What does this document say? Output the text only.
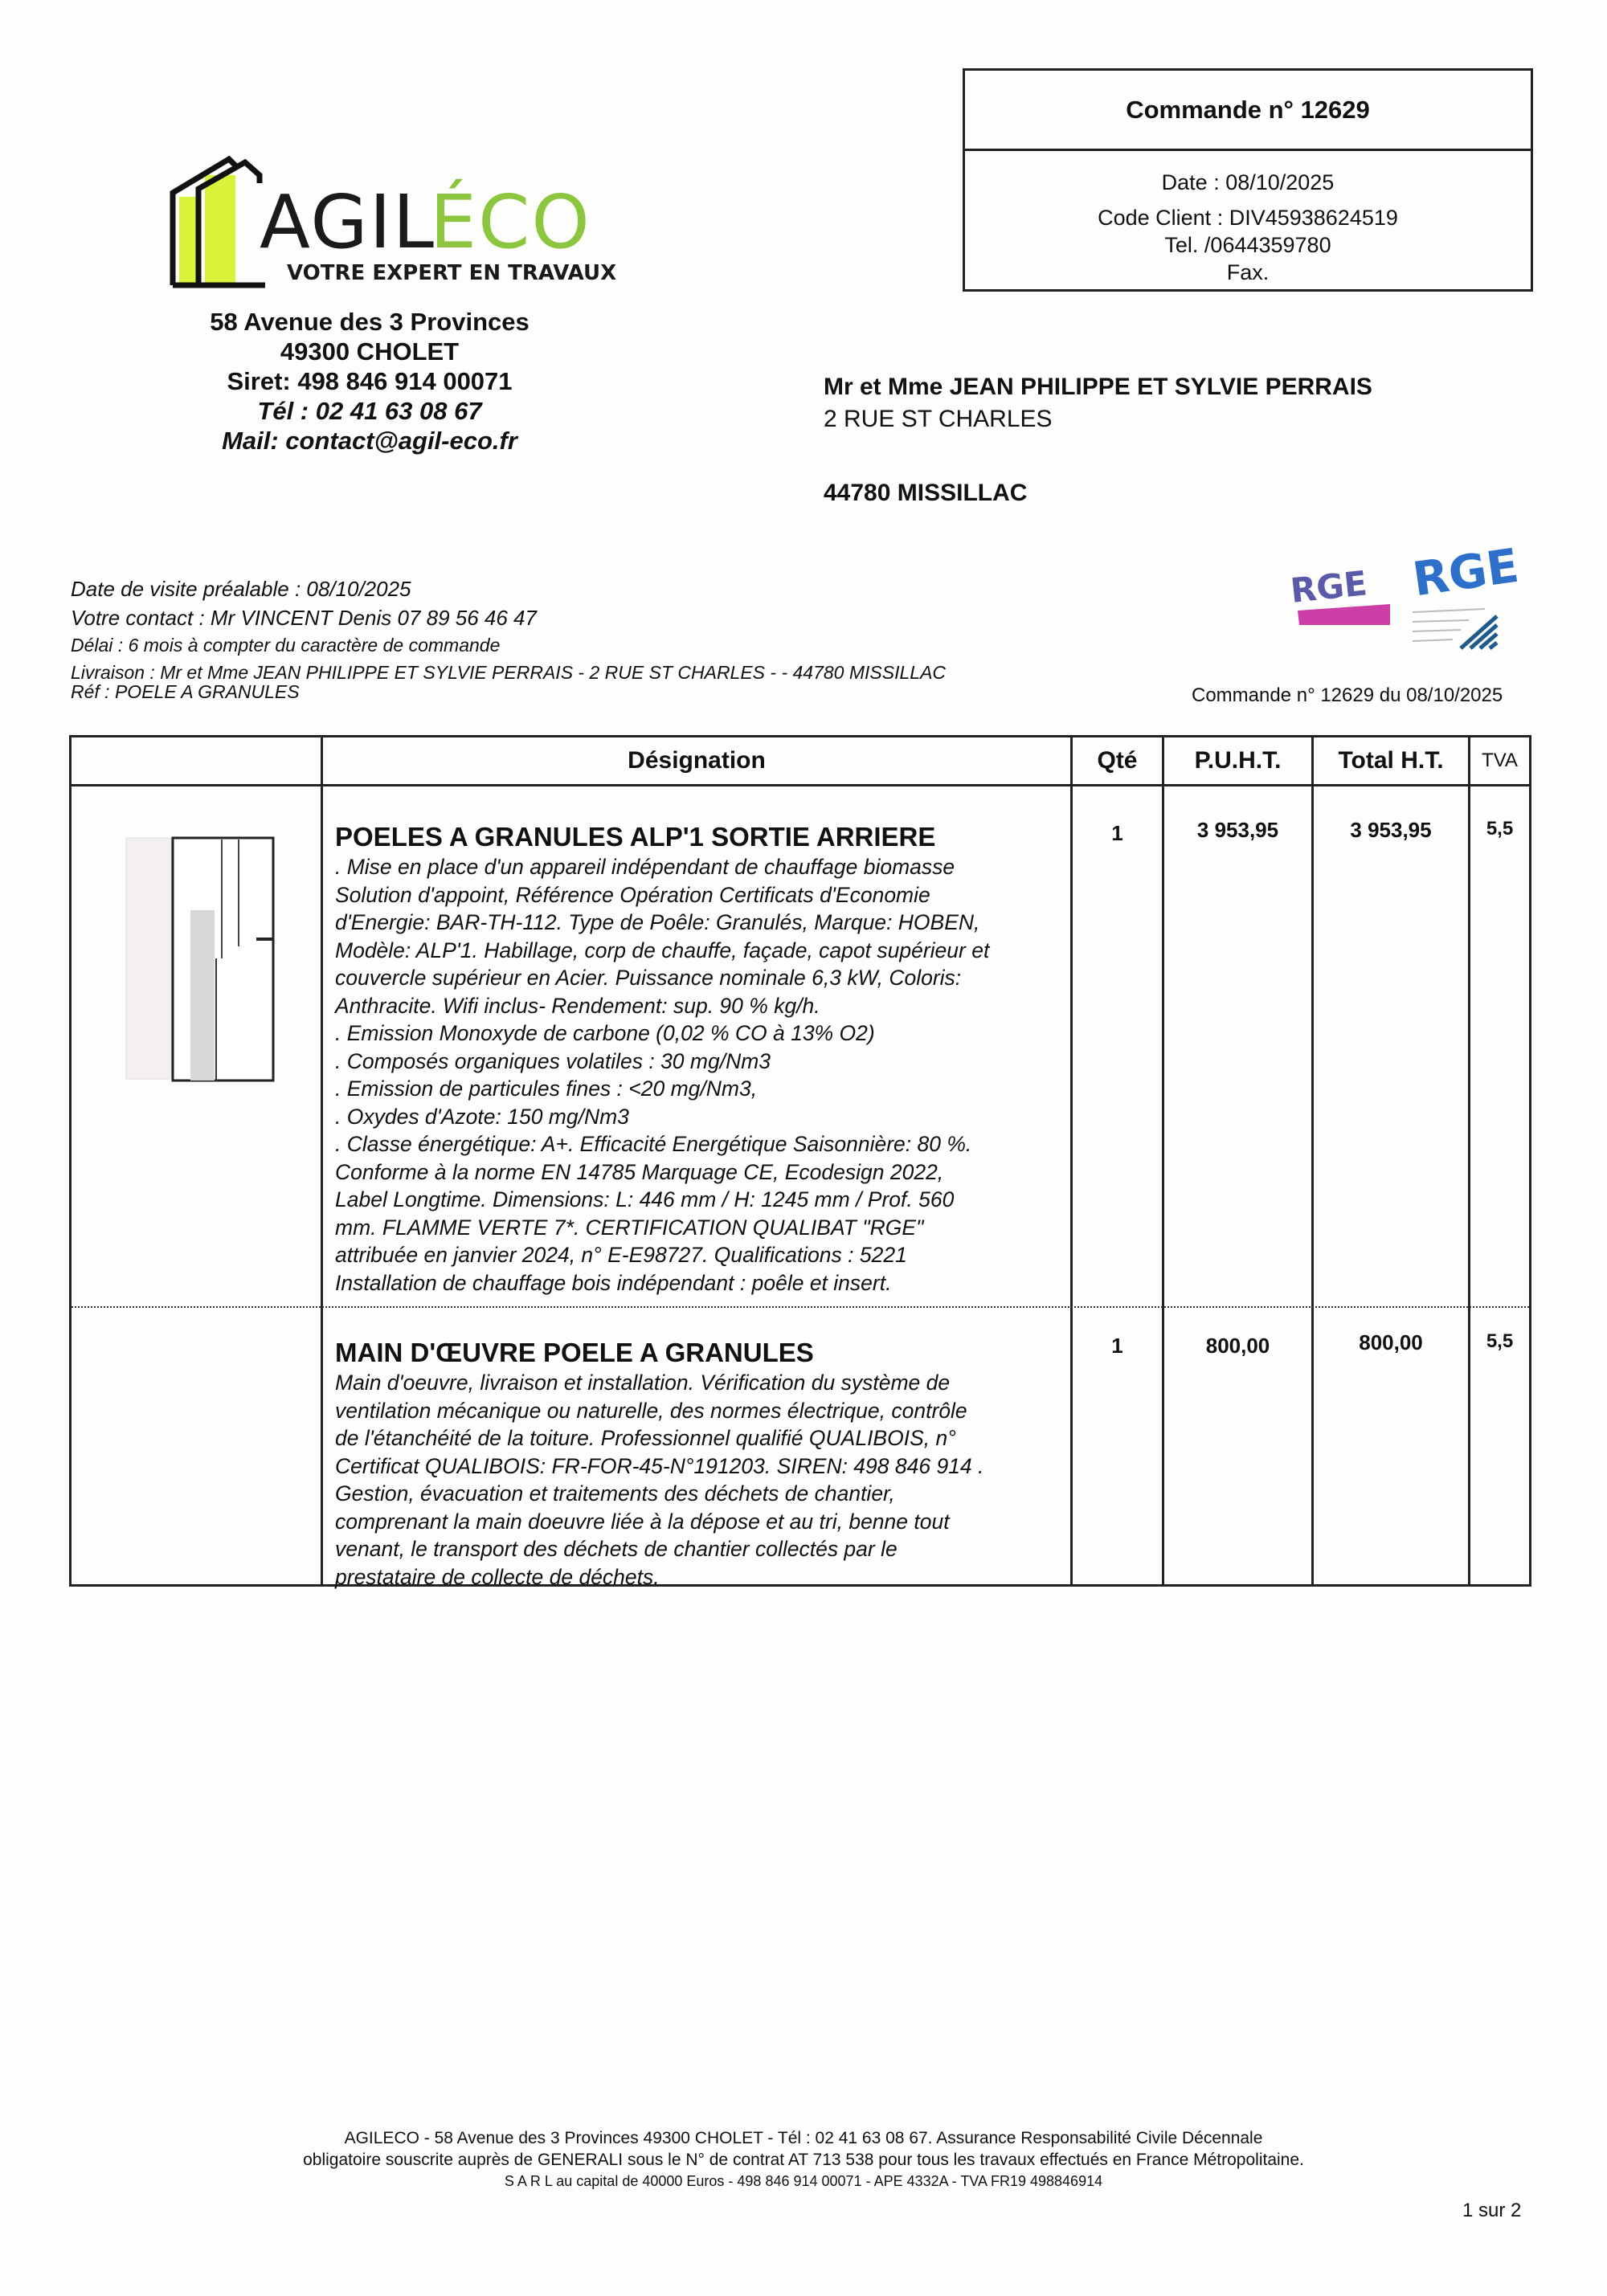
AGIL
ÉCO
VOTRE EXPERT EN TRAVAUX
58 Avenue des 3 Provinces
49300 CHOLET
Siret: 498 846 914 00071
Tél : 02 41 63 08 67
Mail: contact@agil-eco.fr
Commande n° 12629
Date : 08/10/2025
Code Client : DIV45938624519
Tel. /0644359780
Fax.
Mr et Mme JEAN PHILIPPE ET SYLVIE PERRAIS
2 RUE ST CHARLES
44780 MISSILLAC
RGE RGE
Date de visite préalable : 08/10/2025
Votre contact : Mr VINCENT Denis 07 89 56 46 47
Délai : 6 mois à compter du caractère de commande
Livraison : Mr et Mme JEAN PHILIPPE ET SYLVIE PERRAIS - 2 RUE ST CHARLES - - 44780 MISSILLAC
Réf : POELE A GRANULES	Commande n° 12629 du 08/10/2025
Désignation	Qté	P.U.H.T.	Total H.T.	TVA
POELES A GRANULES ALP'1 SORTIE ARRIERE
. Mise en place d'un appareil indépendant de chauffage biomasse
Solution d'appoint, Référence Opération Certificats d'Economie
d'Energie: BAR-TH-112. Type de Poêle: Granulés, Marque: HOBEN,
Modèle: ALP'1. Habillage, corp de chauffe, façade, capot supérieur et
couvercle supérieur en Acier. Puissance nominale 6,3 kW, Coloris:
Anthracite. Wifi inclus- Rendement: sup. 90 % kg/h.
. Emission Monoxyde de carbone (0,02 % CO à 13% O2)
. Composés organiques volatiles : 30 mg/Nm3
. Emission de particules fines : <20 mg/Nm3,
. Oxydes d'Azote: 150 mg/Nm3
. Classe énergétique: A+. Efficacité Energétique Saisonnière: 80 %.
Conforme à la norme EN 14785 Marquage CE, Ecodesign 2022,
Label Longtime. Dimensions: L: 446 mm / H: 1245 mm / Prof. 560
mm. FLAMME VERTE 7*. CERTIFICATION QUALIBAT "RGE"
attribuée en janvier 2024, n° E-E98727. Qualifications : 5221
Installation de chauffage bois indépendant : poêle et insert.
1	3 953,95	3 953,95	5,5
MAIN D'ŒUVRE POELE A GRANULES
Main d'oeuvre, livraison et installation. Vérification du système de
ventilation mécanique ou naturelle, des normes électrique, contrôle
de l'étanchéité de la toiture. Professionnel qualifié QUALIBOIS, n°
Certificat QUALIBOIS: FR-FOR-45-N°191203. SIREN: 498 846 914 .
Gestion, évacuation et traitements des déchets de chantier,
comprenant la main doeuvre liée à la dépose et au tri, benne tout
venant, le transport des déchets de chantier collectés par le
prestataire de collecte de déchets.
1	800,00	800,00	5,5
AGILECO - 58 Avenue des 3 Provinces 49300 CHOLET - Tél : 02 41 63 08 67. Assurance Responsabilité Civile Décennale
obligatoire souscrite auprès de GENERALI sous le N° de contrat AT 713 538 pour tous les travaux effectués en France Métropolitaine.
S A R L au capital de 40000 Euros - 498 846 914 00071 - APE 4332A - TVA FR19 498846914
1 sur 2
